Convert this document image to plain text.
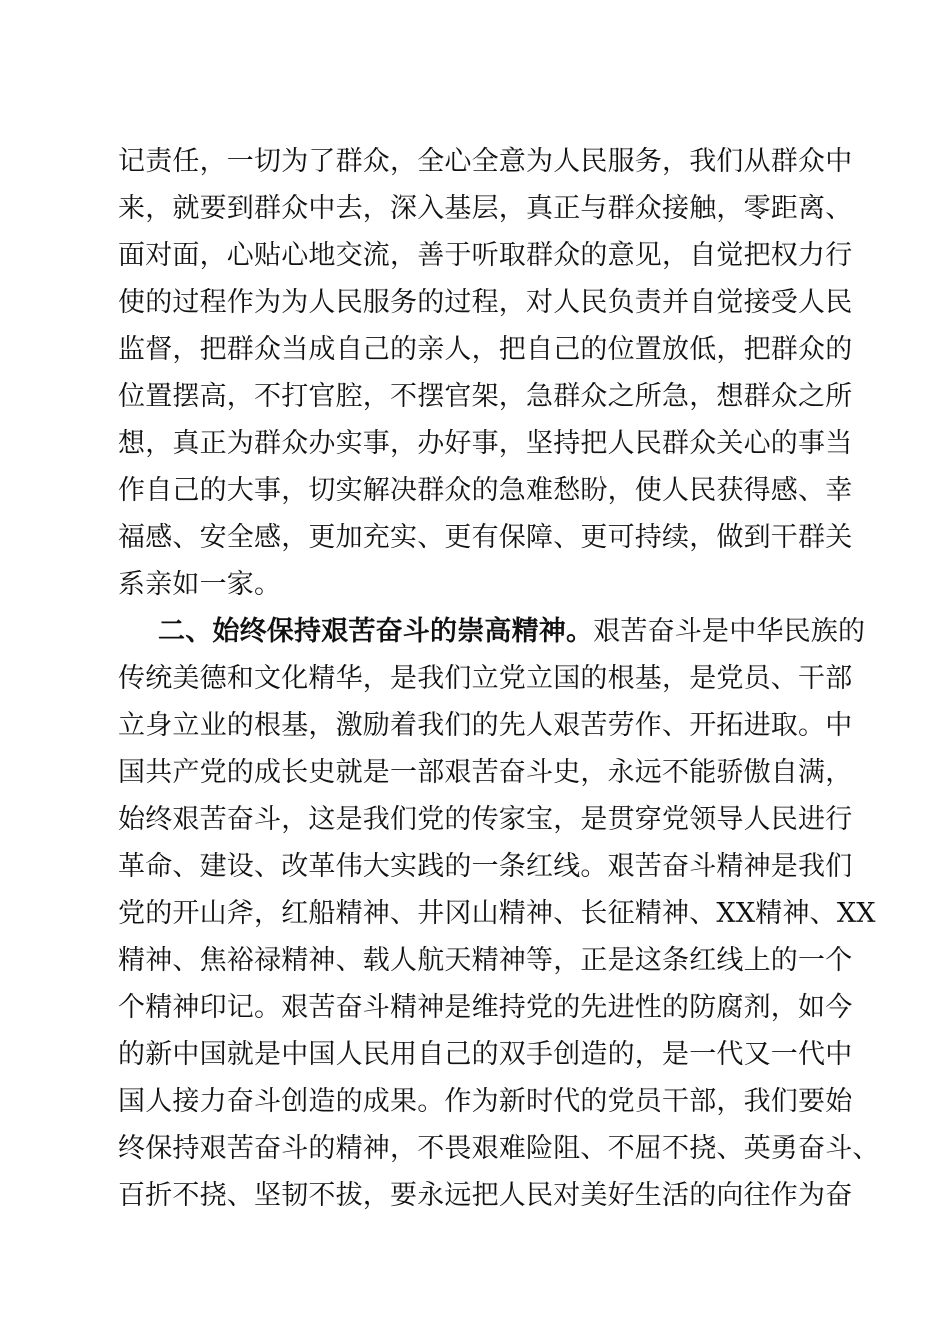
记责任，一切为了群众，全心全意为人民服务，我们从群众中
来，就要到群众中去，深入基层，真正与群众接触，零距离、
面对面，心贴心地交流，善于听取群众的意见，自觉把权力行
使的过程作为为人民服务的过程，对人民负责并自觉接受人民
监督，把群众当成自己的亲人，把自己的位置放低，把群众的
位置摆高，不打官腔，不摆官架，急群众之所急，想群众之所
想，真正为群众办实事，办好事，坚持把人民群众关心的事当
作自己的大事，切实解决群众的急难愁盼，使人民获得感、幸
福感、安全感，更加充实、更有保障、更可持续，做到干群关
系亲如一家。
二、始终保持艰苦奋斗的崇高精神。艰苦奋斗是中华民族的
传统美德和文化精华，是我们立党立国的根基，是党员、干部
立身立业的根基，激励着我们的先人艰苦劳作、开拓进取。中
国共产党的成长史就是一部艰苦奋斗史，永远不能骄傲自满，
始终艰苦奋斗，这是我们党的传家宝，是贯穿党领导人民进行
革命、建设、改革伟大实践的一条红线。艰苦奋斗精神是我们
党的开山斧，红船精神、井冈山精神、长征精神、XX精神、XX
精神、焦裕禄精神、载人航天精神等，正是这条红线上的一个
个精神印记。艰苦奋斗精神是维持党的先进性的防腐剂，如今
的新中国就是中国人民用自己的双手创造的，是一代又一代中
国人接力奋斗创造的成果。作为新时代的党员干部，我们要始
终保持艰苦奋斗的精神，不畏艰难险阻、不屈不挠、英勇奋斗、
百折不挠、坚韧不拔，要永远把人民对美好生活的向往作为奋
